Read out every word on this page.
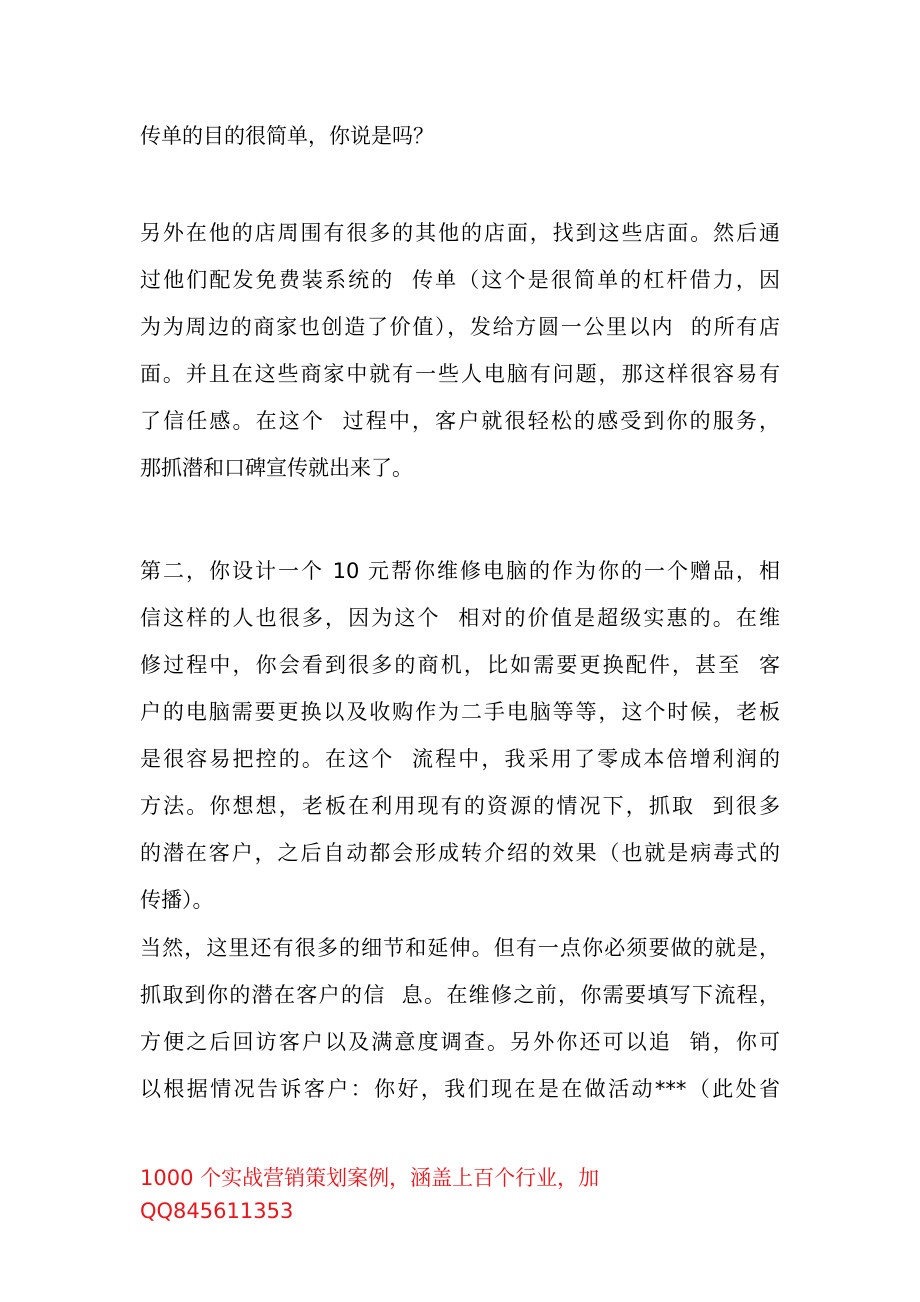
传单的目的很简单，你说是吗？
另外在他的店周围有很多的其他的店面，找到这些店面。然后通
过他们配发免费装系统的  传单（这个是很简单的杠杆借力，因
为为周边的商家也创造了价值），发给方圆一公里以内  的所有店
面。并且在这些商家中就有一些人电脑有问题，那这样很容易有
了信任感。在这个  过程中，客户就很轻松的感受到你的服务，
那抓潜和口碑宣传就出来了。
第二，你设计一个 10 元帮你维修电脑的作为你的一个赠品，相
信这样的人也很多，因为这个  相对的价值是超级实惠的。在维
修过程中，你会看到很多的商机，比如需要更换配件，甚至  客
户的电脑需要更换以及收购作为二手电脑等等，这个时候，老板
是很容易把控的。在这个  流程中，我采用了零成本倍增利润的
方法。你想想，老板在利用现有的资源的情况下，抓取  到很多
的潜在客户，之后自动都会形成转介绍的效果（也就是病毒式的
传播）。
当然，这里还有很多的细节和延伸。但有一点你必须要做的就是，
抓取到你的潜在客户的信  息。在维修之前，你需要填写下流程，
方便之后回访客户以及满意度调查。另外你还可以追  销，你可
以根据情况告诉客户：你好，我们现在是在做活动***（此处省
1000 个实战营销策划案例，涵盖上百个行业，加
QQ845611353
